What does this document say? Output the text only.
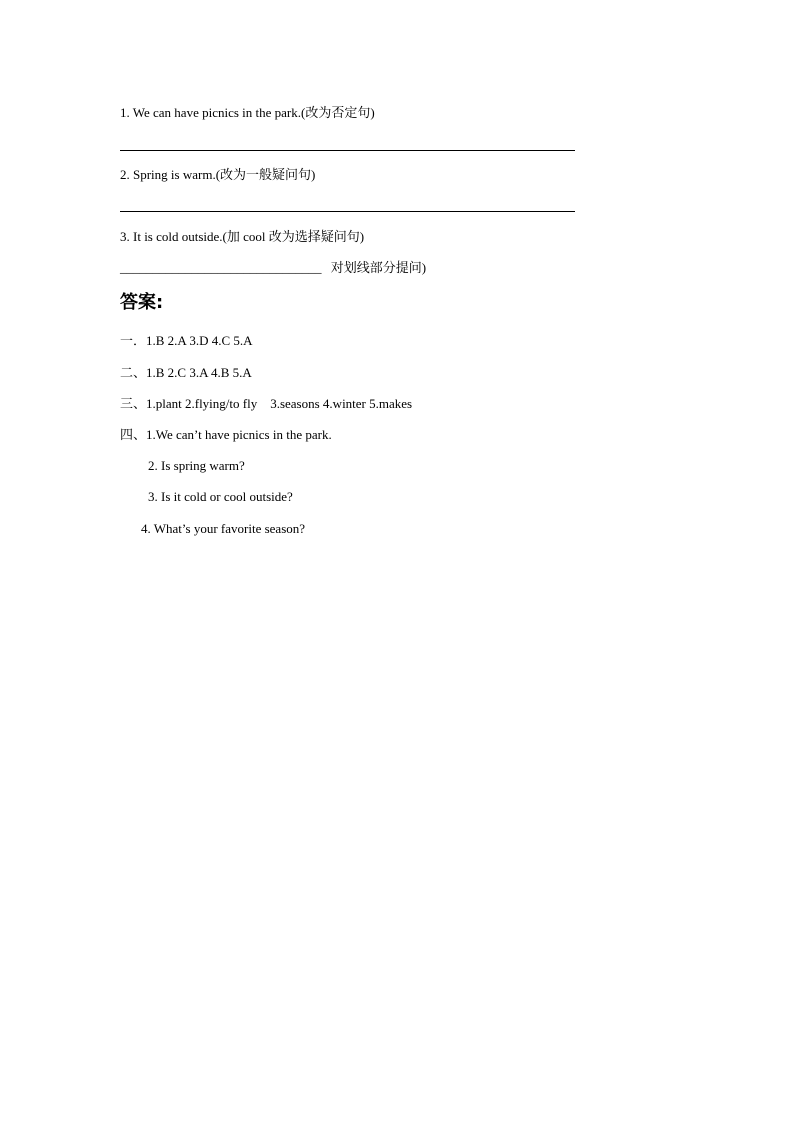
1. We can have picnics in the park.(改为否定句)
2. Spring is warm.(改为一般疑问句)
3. It is cold outside.(加 cool 改为选择疑问句)
_______________________________ 对划线部分提问)
答案:
一．1.B 2.A 3.D 4.C 5.A
二、1.B 2.C 3.A 4.B 5.A
三、1.plant 2.flying/to fly　3.seasons 4.winter 5.makes
四、1.We can’t have picnics in the park.
2. Is spring warm?
3. Is it cold or cool outside?
4. What’s your favorite season?
